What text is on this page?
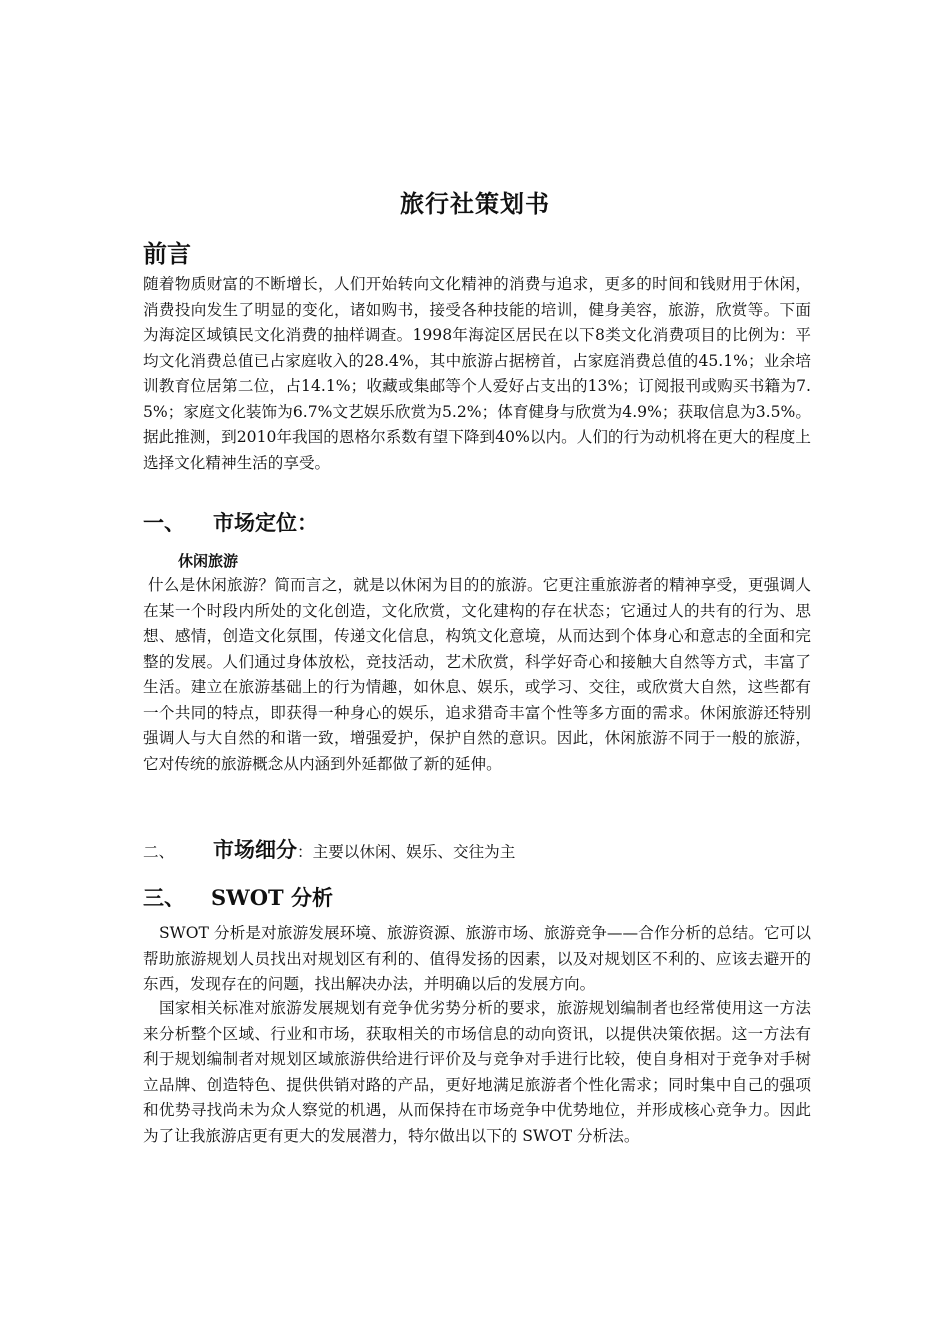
旅行社策划书
前言
随着物质财富的不断增长，人们开始转向文化精神的消费与追求，更多的时间和钱财用于休闲，消费投向发生了明显的变化，诸如购书，接受各种技能的培训，健身美容，旅游，欣赏等。下面为海淀区域镇民文化消费的抽样调查。1998年海淀区居民在以下8类文化消费项目的比例为：平均文化消费总值已占家庭收入的28.4%，其中旅游占据榜首，占家庭消费总值的45.1%；业余培训教育位居第二位，占14.1%；收藏或集邮等个人爱好占支出的13%；订阅报刊或购买书籍为7.5%；家庭文化装饰为6.7%文艺娱乐欣赏为5.2%；体育健身与欣赏为4.9%；获取信息为3.5%。据此推测，到2010年我国的恩格尔系数有望下降到40%以内。人们的行为动机将在更大的程度上选择文化精神生活的享受。
一、 市场定位：
休闲旅游
什么是休闲旅游？简而言之，就是以休闲为目的的旅游。它更注重旅游者的精神享受，更强调人在某一个时段内所处的文化创造，文化欣赏，文化建构的存在状态；它通过人的共有的行为、思想、感情，创造文化氛围，传递文化信息，构筑文化意境，从而达到个体身心和意志的全面和完整的发展。人们通过身体放松，竞技活动，艺术欣赏，科学好奇心和接触大自然等方式，丰富了生活。建立在旅游基础上的行为情趣，如休息、娱乐，或学习、交往，或欣赏大自然，这些都有一个共同的特点，即获得一种身心的娱乐，追求猎奇丰富个性等多方面的需求。休闲旅游还特别强调人与大自然的和谐一致，增强爱护，保护自然的意识。因此，休闲旅游不同于一般的旅游，它对传统的旅游概念从内涵到外延都做了新的延伸。
二、 市场细分：主要以休闲、娱乐、交往为主
三、 SWOT 分析
SWOT 分析是对旅游发展环境、旅游资源、旅游市场、旅游竞争——合作分析的总结。它可以帮助旅游规划人员找出对规划区有利的、值得发扬的因素，以及对规划区不利的、应该去避开的东西，发现存在的问题，找出解决办法，并明确以后的发展方向。
国家相关标准对旅游发展规划有竞争优劣势分析的要求，旅游规划编制者也经常使用这一方法来分析整个区域、行业和市场，获取相关的市场信息的动向资讯，以提供决策依据。这一方法有利于规划编制者对规划区域旅游供给进行评价及与竞争对手进行比较，使自身相对于竞争对手树立品牌、创造特色、提供供销对路的产品，更好地满足旅游者个性化需求；同时集中自己的强项和优势寻找尚未为众人察觉的机遇，从而保持在市场竞争中优势地位，并形成核心竞争力。因此为了让我旅游店更有更大的发展潜力，特尔做出以下的 SWOT 分析法。
